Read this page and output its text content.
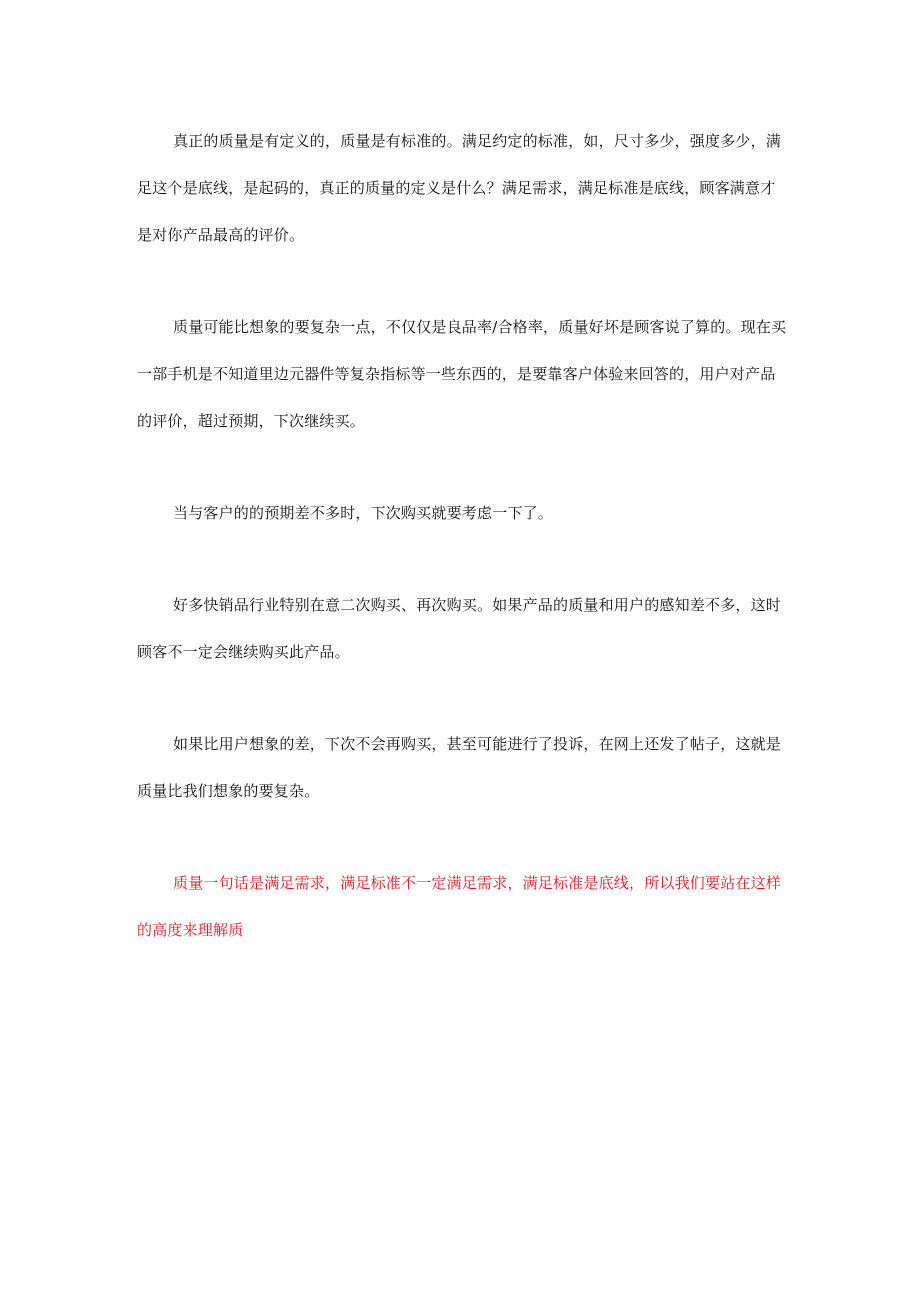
真正的质量是有定义的，质量是有标准的。满足约定的标准，如，尺寸多少，强度多少，满足这个是底线，是起码的，真正的质量的定义是什么？满足需求，满足标准是底线，顾客满意才是对你产品最高的评价。

质量可能比想象的要复杂一点，不仅仅是良品率/合格率，质量好坏是顾客说了算的。现在买一部手机是不知道里边元器件等复杂指标等一些东西的，是要靠客户体验来回答的，用户对产品的评价，超过预期，下次继续买。

当与客户的的预期差不多时，下次购买就要考虑一下了。

好多快销品行业特别在意二次购买、再次购买。如果产品的质量和用户的感知差不多，这时顾客不一定会继续购买此产品。

如果比用户想象的差，下次不会再购买，甚至可能进行了投诉，在网上还发了帖子，这就是质量比我们想象的要复杂。

质量一句话是满足需求，满足标准不一定满足需求，满足标准是底线，所以我们要站在这样的高度来理解质
